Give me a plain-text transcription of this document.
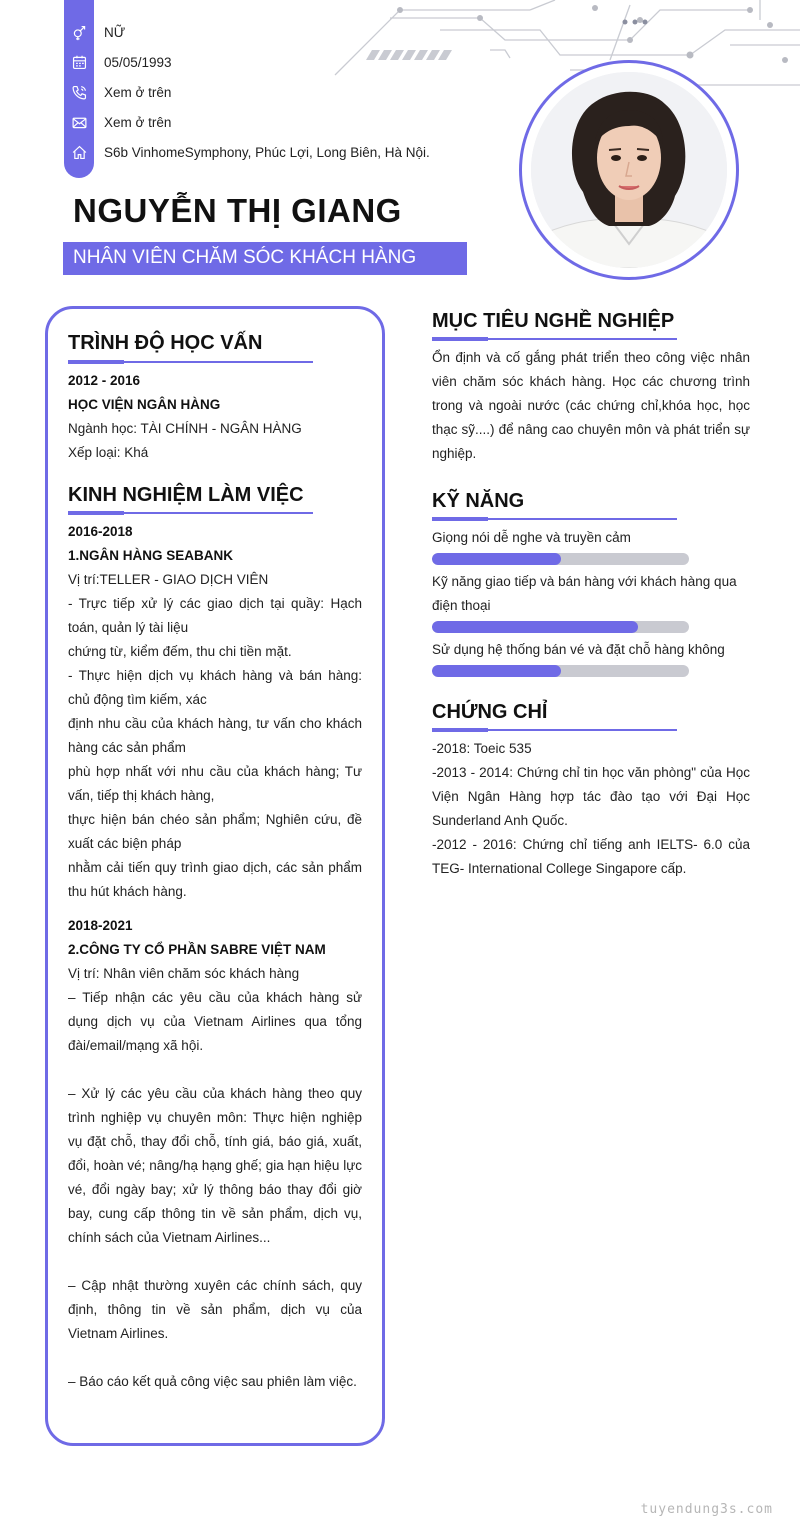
NỮ
05/05/1993
Xem ở trên
Xem ở trên
S6b VinhomeSymphony, Phúc Lợi, Long Biên, Hà Nội.
NGUYỄN THỊ GIANG
NHÂN VIÊN CHĂM SÓC KHÁCH HÀNG
TRÌNH ĐỘ HỌC VẤN
2012 - 2016
HỌC VIỆN NGÂN HÀNG
Ngành học: TÀI CHÍNH - NGÂN HÀNG
Xếp loại: Khá
KINH NGHIỆM LÀM VIỆC
2016-2018
1.NGÂN HÀNG SEABANK
Vị trí:TELLER - GIAO DỊCH VIÊN
- Trực tiếp xử lý các giao dịch tại quầy: Hạch toán, quản lý tài liệu
chứng từ, kiểm đếm, thu chi tiền mặt.
- Thực hiện dịch vụ khách hàng và bán hàng: chủ động tìm kiếm, xác
định nhu cầu của khách hàng, tư vấn cho khách hàng các sản phẩm
phù hợp nhất với nhu cầu của khách hàng; Tư vấn, tiếp thị khách hàng,
thực hiện bán chéo sản phẩm; Nghiên cứu, đề xuất các biện pháp
nhằm cải tiến quy trình giao dịch, các sản phẩm thu hút khách hàng.
2018-2021
2.CÔNG TY CỔ PHẦN SABRE VIỆT NAM
Vị trí: Nhân viên chăm sóc khách hàng
– Tiếp nhận các yêu cầu của khách hàng sử dụng dịch vụ của Vietnam Airlines qua tổng đài/email/mạng xã hội.
– Xử lý các yêu cầu của khách hàng theo quy trình nghiệp vụ chuyên môn: Thực hiện nghiệp vụ đặt chỗ, thay đổi chỗ, tính giá, báo giá, xuất, đổi, hoàn vé; nâng/hạ hạng ghế; gia hạn hiệu lực vé, đổi ngày bay; xử lý thông báo thay đổi giờ bay, cung cấp thông tin về sản phẩm, dịch vụ, chính sách của Vietnam Airlines...
– Cập nhật thường xuyên các chính sách, quy định, thông tin về sản phẩm, dịch vụ của Vietnam Airlines.
– Báo cáo kết quả công việc sau phiên làm việc.
MỤC TIÊU NGHỀ NGHIỆP
Ổn định và cố gắng phát triển theo công việc nhân viên chăm sóc khách hàng. Học các chương trình trong và ngoài nước (các chứng chỉ,khóa học, học thạc sỹ....) để nâng cao chuyên môn và phát triển sự nghiệp.
KỸ NĂNG
Giọng nói dễ nghe và truyền cảm
Kỹ năng giao tiếp và bán hàng với khách hàng qua điện thoại
Sử dụng hệ thống bán vé và đặt chỗ hàng không
CHỨNG CHỈ
-2018: Toeic 535
-2013 - 2014: Chứng chỉ tin học văn phòng" của Học Viện Ngân Hàng hợp tác đào tạo với Đại Học Sunderland Anh Quốc.
-2012 - 2016: Chứng chỉ tiếng anh IELTS- 6.0 của TEG- International College Singapore cấp.
tuyendung3s.com
